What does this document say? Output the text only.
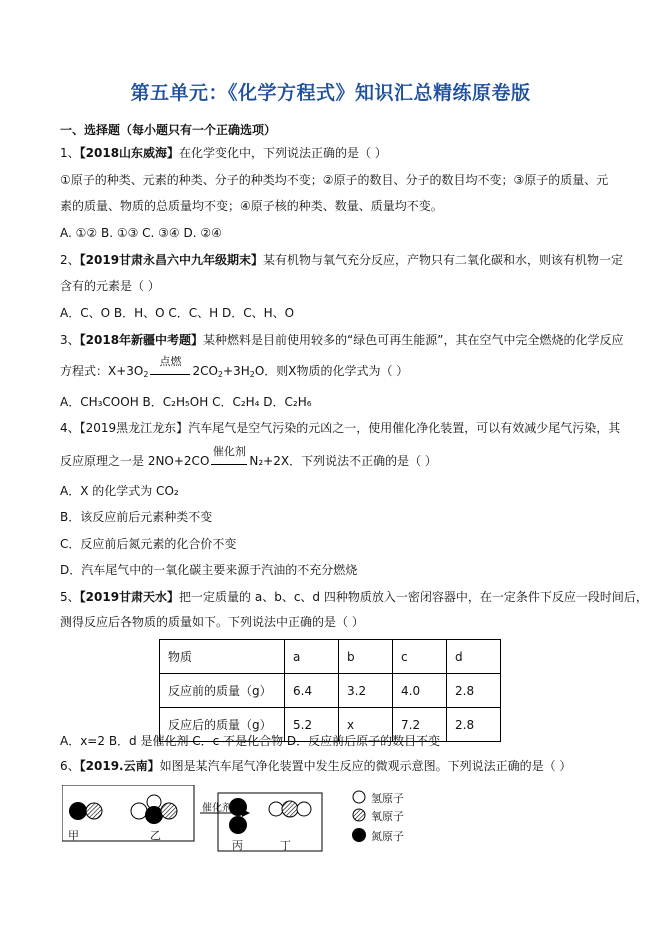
第五单元：《化学方程式》知识汇总精练原卷版
一、选择题（每小题只有一个正确选项）
1、【2018山东威海】在化学变化中，下列说法正确的是（ ）
①原子的种类、元素的种类、分子的种类均不变；②原子的数目、分子的数目均不变；③原子的质量、元
素的质量、物质的总质量均不变；④原子核的种类、数量、质量均不变。
A. ①② B. ①③ C. ③④ D. ②④
2、【2019甘肃永昌六中九年级期末】某有机物与氧气充分反应，产物只有二氧化碳和水，则该有机物一定
含有的元素是（ ）
A．C、O B．H、O C．C、H D．C、H、O
3、【2018年新疆中考题】某种燃料是目前使用较多的“绿色可再生能源”，其在空气中完全燃烧的化学反应
方程式：$X+3O_2$
点燃
$2CO_2+3H_2O$．则X物质的化学式为（ ）
A．CH₃COOH B．C₂H₅OH C．C₂H₄ D．C₂H₆
4、【2019黑龙江龙东】汽车尾气是空气污染的元凶之一，使用催化净化装置，可以有效减少尾气污染，其
反应原理之一是 2NO+2CO
催化剂
N₂+2X．下列说法不正确的是（ ）
A．X 的化学式为 CO₂
B．该反应前后元素种类不变
C．反应前后氮元素的化合价不变
D．汽车尾气中的一氧化碳主要来源于汽油的不充分燃烧
5、【2019甘肃天水】把一定质量的 a、b、c、d 四种物质放入一密闭容器中，在一定条件下反应一段时间后，
测得反应后各物质的质量如下。下列说法中正确的是（ ）
物质	a	b	c	d
反应前的质量（g）	6.4	3.2	4.0	2.8
反应后的质量（g）	5.2	x	7.2	2.8
A．x=2 B．d 是催化剂 C．c 不是化合物 D．反应前后原子的数目不变
6、【2019.云南】如图是某汽车尾气净化装置中发生反应的微观示意图。下列说法正确的是（ ）
甲	乙
催化剂
丙	丁
氢原子
氧原子
氮原子
